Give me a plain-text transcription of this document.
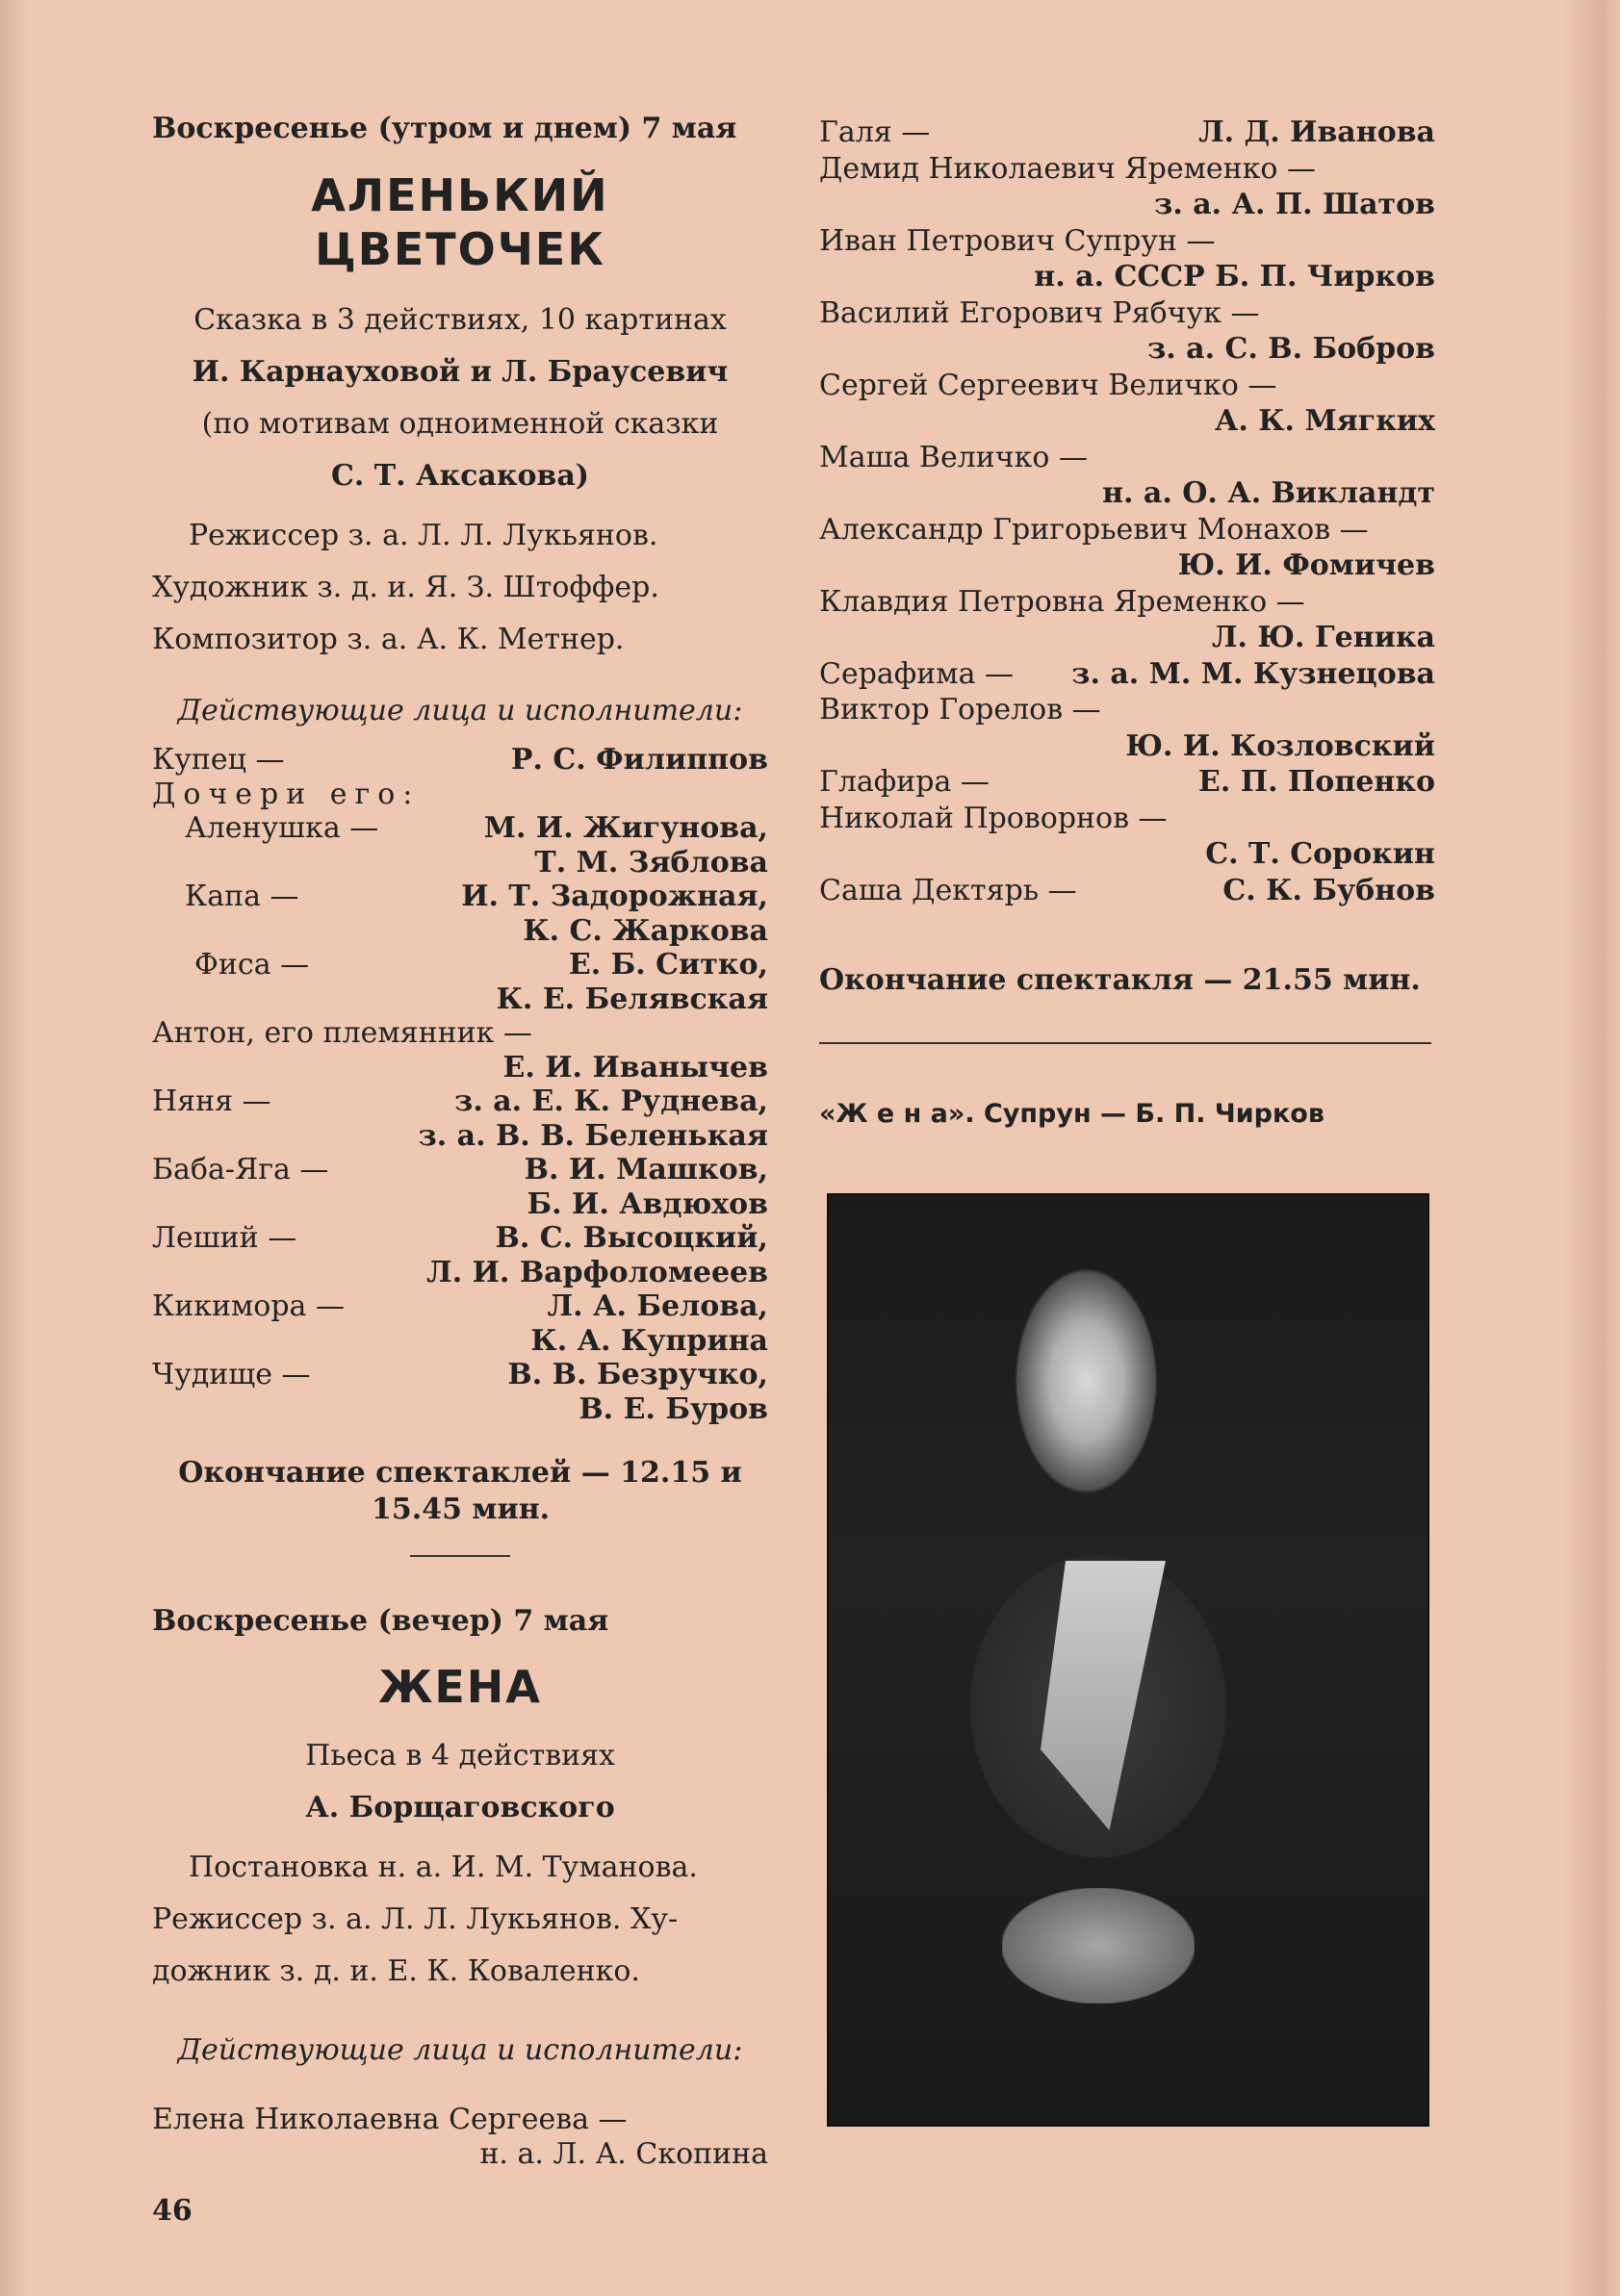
Воскресенье (утром и днем) 7 мая
АЛЕНЬКИЙ
ЦВЕТОЧЕК
Сказка в 3 действиях, 10 картинах
И. Карнауховой и Л. Браусевич
(по мотивам одноименной сказки
С. Т. Аксакова)
Режиссер з. а. Л. Л. Лукьянов.
Художник з. д. и. Я. З. Штоффер.
Композитор з. а. А. К. Метнер.
Действующие лица и исполнители:
Купец —	Р. С. Филиппов
Дочери его:
Аленушка —	М. И. Жигунова,
Т. М. Зяблова
Капа —	И. Т. Задорожная,
К. С. Жаркова
Фиса —	Е. Б. Ситко,
К. Е. Белявская
Антон, его племянник —
Е. И. Иванычев
Няня —	з. а. Е. К. Руднева,
з. а. В. В. Беленькая
Баба-Яга —	В. И. Машков,
Б. И. Авдюхов
Леший —	В. С. Высоцкий,
Л. И. Варфоломееев
Кикимора —	Л. А. Белова,
К. А. Куприна
Чудище —	В. В. Безручко,
В. Е. Буров
Окончание спектаклей — 12.15 и
15.45 мин.
Воскресенье (вечер) 7 мая
ЖЕНА
Пьеса в 4 действиях
А. Борщаговского
Постановка н. а. И. М. Туманова.
Режиссер з. а. Л. Л. Лукьянов. Ху-
дожник з. д. и. Е. К. Коваленко.
Действующие лица и исполнители:
Елена Николаевна Сергеева —
н. а. Л. А. Скопина
46
Галя —	Л. Д. Иванова
Демид Николаевич Яременко —
з. а. А. П. Шатов
Иван Петрович Супрун —
н. а. СССР Б. П. Чирков
Василий Егорович Рябчук —
з. а. С. В. Бобров
Сергей Сергеевич Величко —
А. К. Мягких
Маша Величко —
н. а. О. А. Викландт
Александр Григорьевич Монахов —
Ю. И. Фомичев
Клавдия Петровна Яременко —
Л. Ю. Геника
Серафима — з. а. М. М. Кузнецова
Виктор Горелов —
Ю. И. Козловский
Глафира —	Е. П. Попенко
Николай Проворнов —
С. Т. Сорокин
Саша Дектярь —	С. К. Бубнов
Окончание спектакля — 21.55 мин.
«Ж е н а». Супрун — Б. П. Чирков
